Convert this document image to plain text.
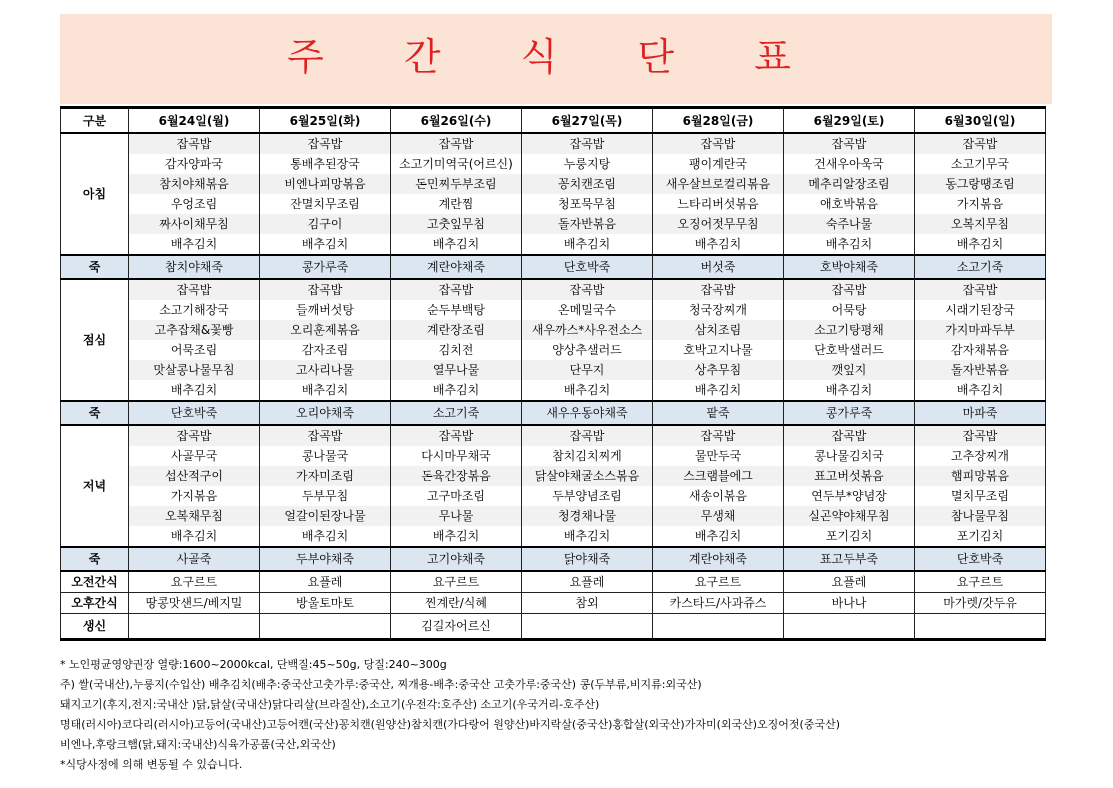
주 간 식 단 표
구분	6월24일(월)	6월25일(화)	6월26일(수)	6월27일(목)	6월28일(금)	6월29일(토)	6월30일(일)
아침	잡곡밥	잡곡밥	잡곡밥	잡곡밥	잡곡밥	잡곡밥	잡곡밥
	감자양파국	통배추된장국	소고기미역국(어르신)	누룽지탕	팽이계란국	건새우아욱국	소고기무국
	참치야채볶음	비엔나피망볶음	돈민찌두부조림	꽁치캔조림	새우살브로컬리볶음	메추리알장조림	동그랑땡조림
	우엉조림	잔멸치무조림	계란찜	청포묵무침	느타리버섯볶음	애호박볶음	가지볶음
	짜사이채무침	김구이	고춧잎무침	돌자반볶음	오징어젓무무침	숙주나물	오복지무침
	배추김치	배추김치	배추김치	배추김치	배추김치	배추김치	배추김치
죽	참치야채죽	콩가루죽	계란야채죽	단호박죽	버섯죽	호박야채죽	소고기죽
점심	잡곡밥	잡곡밥	잡곡밥	잡곡밥	잡곡밥	잡곡밥	잡곡밥
	소고기해장국	들깨버섯탕	순두부백탕	온메밀국수	청국장찌개	어묵탕	시래기된장국
	고추잡채&꽃빵	오리훈제볶음	계란장조림	새우까스*사우전소스	삼치조림	소고기탕평채	가지마파두부
	어묵조림	감자조림	김치전	양상추샐러드	호박고지나물	단호박샐러드	감자채볶음
	맛살콩나물무침	고사리나물	열무나물	단무지	상추무침	깻잎지	돌자반볶음
	배추김치	배추김치	배추김치	배추김치	배추김치	배추김치	배추김치
죽	단호박죽	오리야채죽	소고기죽	새우우동야채죽	팥죽	콩가루죽	마파죽
저녁	잡곡밥	잡곡밥	잡곡밥	잡곡밥	잡곡밥	잡곡밥	잡곡밥
	사골무국	콩나물국	다시마무채국	참치김치찌게	물만두국	콩나물김치국	고추장찌개
	섭산적구이	가자미조림	돈육간장볶음	닭살야채굴소스볶음	스크램블에그	표고버섯볶음	햄피망볶음
	가지볶음	두부무침	고구마조림	두부양념조림	새송이볶음	연두부*양념장	멸치무조림
	오복채무침	얼갈이된장나물	무나물	청경채나물	무생채	실곤약야채무침	참나물무침
	배추김치	배추김치	배추김치	배추김치	배추김치	포기김치	포기김치
죽	사골죽	두부야채죽	고기야채죽	닭야채죽	계란야채죽	표고두부죽	단호박죽
오전간식	요구르트	요플레	요구르트	요플레	요구르트	요플레	요구르트
오후간식	땅콩맛샌드/베지밀	방울토마토	찐계란/식혜	참외	카스타드/사과쥬스	바나나	마가렛/갓두유
생신			김길자어르신				
* 노인평균영양권장 열량:1600~2000kcal, 단백질:45~50g, 당질:240~300g
주) 쌀(국내산),누룽지(수입산) 배추김치(배추:중국산고춧가루:중국산, 찌개용-배추:중국산 고춧가루:중국산) 콩(두부류,비지류:외국산)
돼지고기(후지,전지:국내산 )닭,닭살(국내산)닭다리살(브라질산),소고기(우전각:호주산) 소고기(우국거리-호주산)
명태(러시아)코다리(러시아)고등어(국내산)고등어캔(국산)꽁치캔(원양산)참치캔(가다랑어 원양산)바지락살(중국산)홍합살(외국산)가자미(외국산)오징어젓(중국산)
비엔나,후랑크햄(닭,돼지:국내산)식육가공품(국산,외국산)
*식당사정에 의해 변동될 수 있습니다.
